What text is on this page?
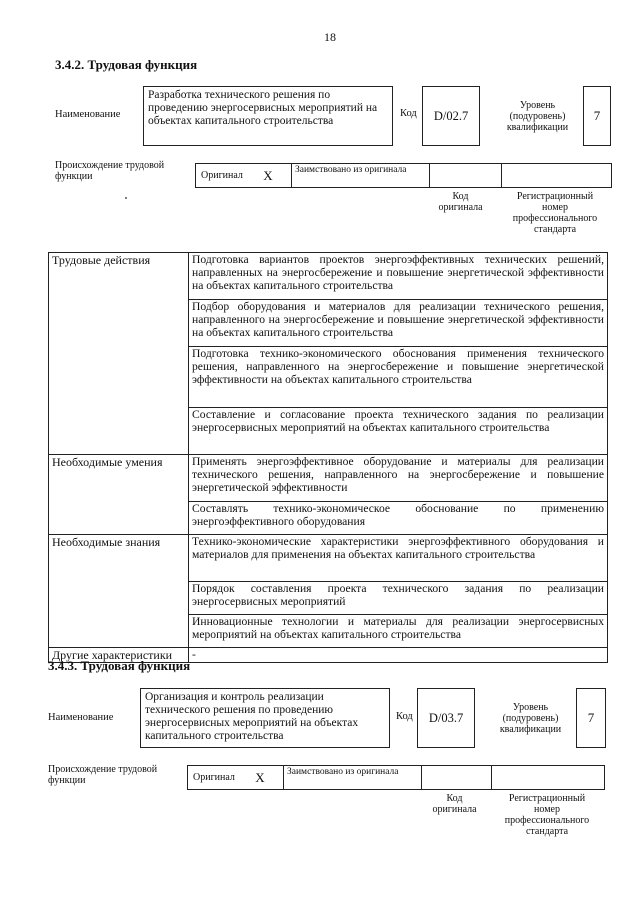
18
3.4.2. Трудовая функция
Наименование
Разработка технического решения по проведению энергосервисных мероприятий на объектах капитального строительства
Код	D/02.7
Уровень (подуровень) квалификации
7
Происхождение трудовой функции	Оригинал	X	Заимствовано из оригинала
Код оригинала
Регистрационный номер профессионального стандарта
Трудовые действия	Подготовка вариантов проектов энергоэффективных технических решений, направленных на энергосбережение и повышение энергетической эффективности на объектах капитального строительства
	Подбор оборудования и материалов для реализации технического решения, направленного на энергосбережение и повышение энергетической эффективности на объектах капитального строительства
	Подготовка технико-экономического обоснования применения технического решения, направленного на энергосбережение и повышение энергетической эффективности на объектах капитального строительства
	Составление и согласование проекта технического задания по реализации энергосервисных мероприятий на объектах капитального строительства
Необходимые умения	Применять энергоэффективное оборудование и материалы для реализации технического решения, направленного на энергосбережение и повышение энергетической эффективности
	Составлять технико-экономическое обоснование по применению энергоэффективного оборудования
Необходимые знания	Технико-экономические характеристики энергоэффективного оборудования и материалов для применения на объектах капитального строительства
	Порядок составления проекта технического задания по реализации энергосервисных мероприятий
	Инновационные технологии и материалы для реализации энергосервисных мероприятий на объектах капитального строительства
Другие характеристики	-
3.4.3. Трудовая функция
Наименование
Организация и контроль реализации технического решения по проведению энергосервисных мероприятий на объектах капитального строительства
Код	D/03.7
Уровень (подуровень) квалификации
7
Происхождение трудовой функции	Оригинал	X	Заимствовано из оригинала
Код оригинала
Регистрационный номер профессионального стандарта
